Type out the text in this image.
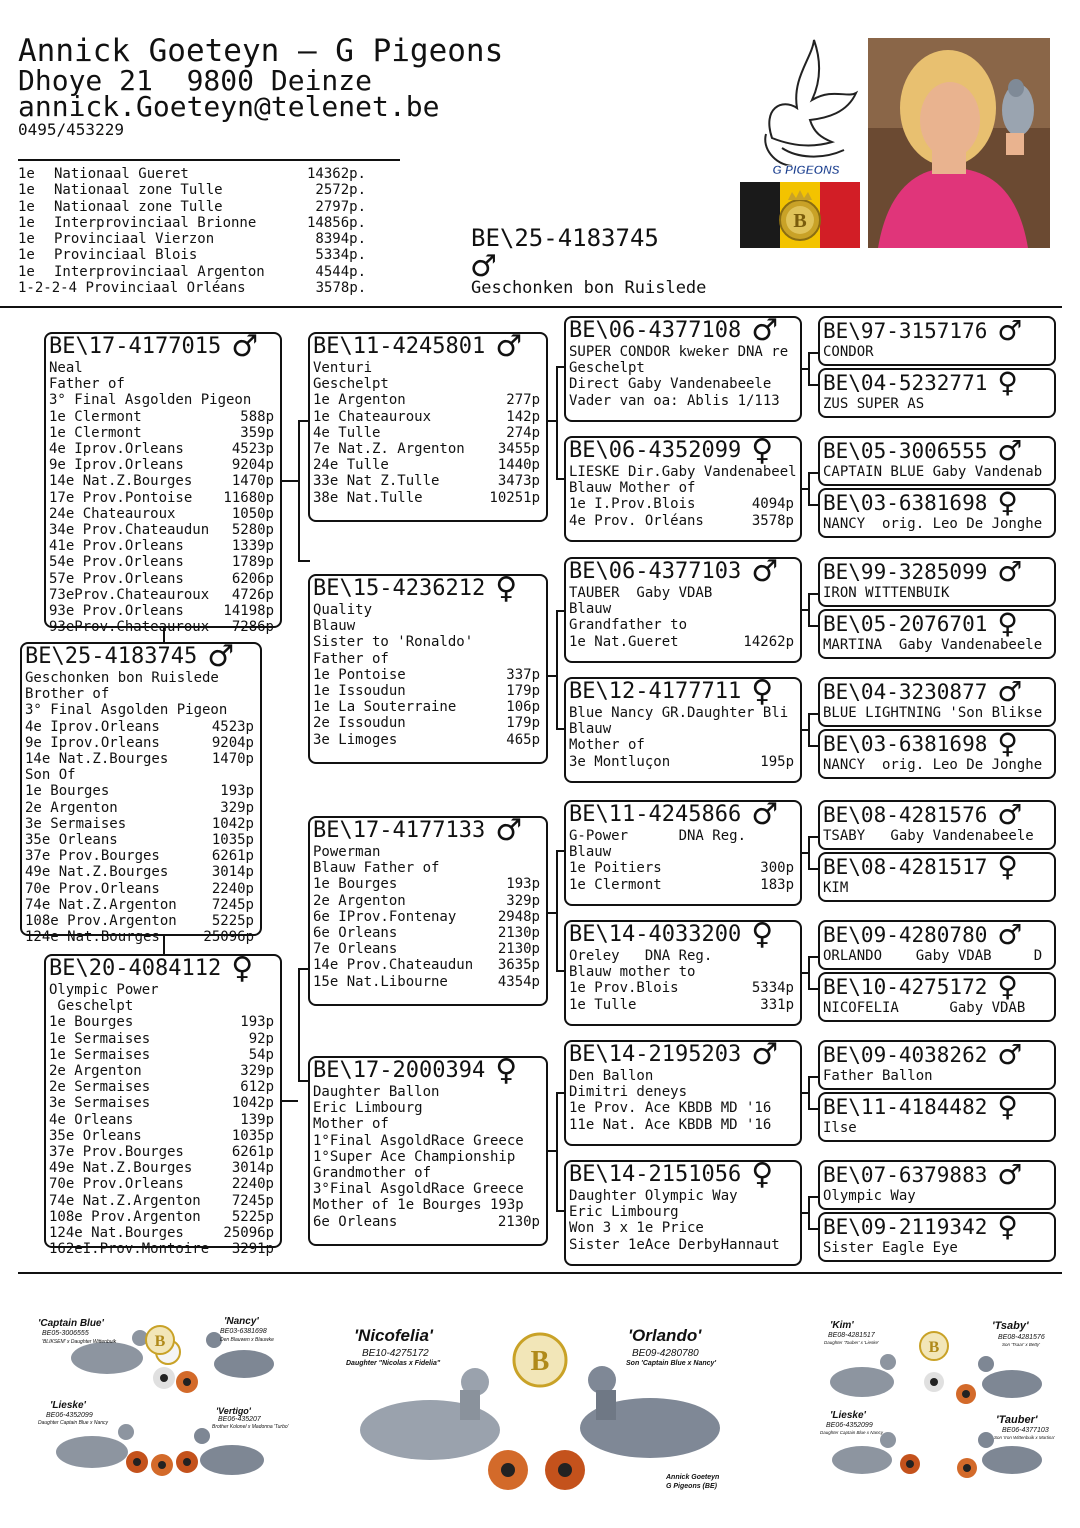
Annick Goeteyn – G Pigeons
Dhoye 21  9800 Deinze
annick.Goeteyn@telenet.be
0495/453229
1e	Nationaal Gueret	14362p.
1e	Nationaal zone Tulle	2572p.
1e	Nationaal zone Tulle	2797p.
1e	Interprovinciaal Brionne	14856p.
1e	Provinciaal Vierzon	8394p.
1e	Provinciaal Blois	5334p.
1e	Interprovinciaal Argenton	4544p.
1-2-2-4 Provinciaal Orléans	3578p.
BE\25-4183745
♂
Geschonken bon Ruislede
G PIGEONS
B
BE\17-4177015 ♂
Neal
Father of
3° Final Asgolden Pigeon
1e Clermont	588p
1e Clermont	359p
4e Iprov.Orleans	4523p
9e Iprov.Orleans	9204p
14e Nat.Z.Bourges	1470p
17e Prov.Pontoise	11680p
24e Chateauroux	1050p
34e Prov.Chateaudun	5280p
41e Prov.Orleans	1339p
54e Prov.Orleans	1789p
57e Prov.Orleans	6206p
73eProv.Chateauroux	4726p
93e Prov.Orleans	14198p
93eProv.Chateauroux	7286p
BE\25-4183745 ♂
Geschonken bon Ruislede
Brother of
3° Final Asgolden Pigeon
4e Iprov.Orleans	4523p
9e Iprov.Orleans	9204p
14e Nat.Z.Bourges	1470p
Son Of
1e Bourges	193p
2e Argenton	329p
3e Sermaises	1042p
35e Orleans	1035p
37e Prov.Bourges	6261p
49e Nat.Z.Bourges	3014p
70e Prov.Orleans	2240p
74e Nat.Z.Argenton	7245p
108e Prov.Argenton	5225p
124e Nat.Bourges	25096p
BE\20-4084112 ♀
Olympic Power
Geschelpt
1e Bourges	193p
1e Sermaises	92p
1e Sermaises	54p
2e Argenton	329p
2e Sermaises	612p
3e Sermaises	1042p
4e Orleans	139p
35e Orleans	1035p
37e Prov.Bourges	6261p
49e Nat.Z.Bourges	3014p
70e Prov.Orleans	2240p
74e Nat.Z.Argenton	7245p
108e Prov.Argenton	5225p
124e Nat.Bourges	25096p
162eI.Prov.Montoire	3291p
BE\11-4245801 ♂
Venturi
Geschelpt
1e Argenton	277p
1e Chateauroux	142p
4e Tulle	274p
7e Nat.Z. Argenton	3455p
24e Tulle	1440p
33e Nat Z.Tulle	3473p
38e Nat.Tulle	10251p
BE\15-4236212 ♀
Quality
Blauw
Sister to 'Ronaldo'
Father of
1e Pontoise	337p
1e Issoudun	179p
1e La Souterraine	106p
2e Issoudun	179p
3e Limoges	465p
BE\17-4177133 ♂
Powerman
Blauw Father of
1e Bourges	193p
2e Argenton	329p
6e IProv.Fontenay	2948p
6e Orleans	2130p
7e Orleans	2130p
14e Prov.Chateaudun	3635p
15e Nat.Libourne	4354p
BE\17-2000394 ♀
Daughter Ballon
Eric Limbourg
Mother of
1°Final AsgoldRace Greece
1°Super Ace Championship
Grandmother of
3°Final AsgoldRace Greece
Mother of 1e Bourges 193p
6e Orleans	2130p
BE\06-4377108 ♂
SUPER CONDOR kweker DNA re
Geschelpt
Direct Gaby Vandenabeele
Vader van oa: Ablis 1/113
BE\06-4352099 ♀
LIESKE Dir.Gaby Vandenabeel
Blauw Mother of
1e I.Prov.Blois	4094p
4e Prov. Orléans	3578p
BE\06-4377103 ♂
TAUBER  Gaby VDAB
Blauw
Grandfather to
1e Nat.Gueret	14262p
BE\12-4177711 ♀
Blue Nancy GR.Daughter Bli
Blauw
Mother of
3e Montluçon	195p
BE\11-4245866 ♂
G-Power      DNA Reg.
Blauw
1e Poitiers	300p
1e Clermont	183p
BE\14-4033200 ♀
Oreley   DNA Reg.
Blauw mother to
1e Prov.Blois	5334p
1e Tulle	331p
BE\14-2195203 ♂
Den Ballon
Dimitri deneys
1e Prov. Ace KBDB MD '16
11e Nat. Ace KBDB MD '16
BE\14-2151056 ♀
Daughter Olympic Way
Eric Limbourg
Won 3 x 1e Price
Sister 1eAce DerbyHannaut
BE\97-3157176 ♂
CONDOR
BE\04-5232771 ♀
ZUS SUPER AS
BE\05-3006555 ♂
CAPTAIN BLUE Gaby Vandenab
BE\03-6381698 ♀
NANCY  orig. Leo De Jonghe
BE\99-3285099 ♂
IRON WITTENBUIK
BE\05-2076701 ♀
MARTINA  Gaby Vandenabeele
BE\04-3230877 ♂
BLUE LIGHTNING 'Son Blikse
BE\03-6381698 ♀
NANCY  orig. Leo De Jonghe
BE\08-4281576 ♂
TSABY   Gaby Vandenabeele
BE\08-4281517 ♀
KIM
BE\09-4280780 ♂
ORLANDO    Gaby VDAB     D
BE\10-4275172 ♀
NICOFELIA      Gaby VDAB
BE\09-4038262 ♂
Father Ballon
BE\11-4184482 ♀
Ilse
BE\07-6379883 ♂
Olympic Way
BE\09-2119342 ♀
Sister Eagle Eye
B
'Captain Blue'
BE05-3006555
'BLIKSEM' x Daughter Wittenbuik
'Nancy'
BE03-6381698
Den Blauwen x Blauwke
'Lieske'
BE06-4352099
Daughter Captain Blue x Nancy
'Vertigo'
BE06-435207
Brother Kolonel x Madonna 'Turbo'
B
'Nicofelia'
BE10-4275172
Daughter "Nicolas x Fidelia"
'Orlando'
BE09-4280780
Son 'Captain Blue x Nancy'
Annick Goeteyn
G Pigeons (BE)
B
'Kim'
BE08-4281517
Daughter 'Tauber' x 'Lieske'
'Tsaby'
BE08-4281576
Son 'Tsaar' x Betty'
'Lieske'
BE06-4352099
Daughter Captain Blue x Nancy
'Tauber'
BE06-4377103
Son 'Iron Wittenbuik x Martina'
